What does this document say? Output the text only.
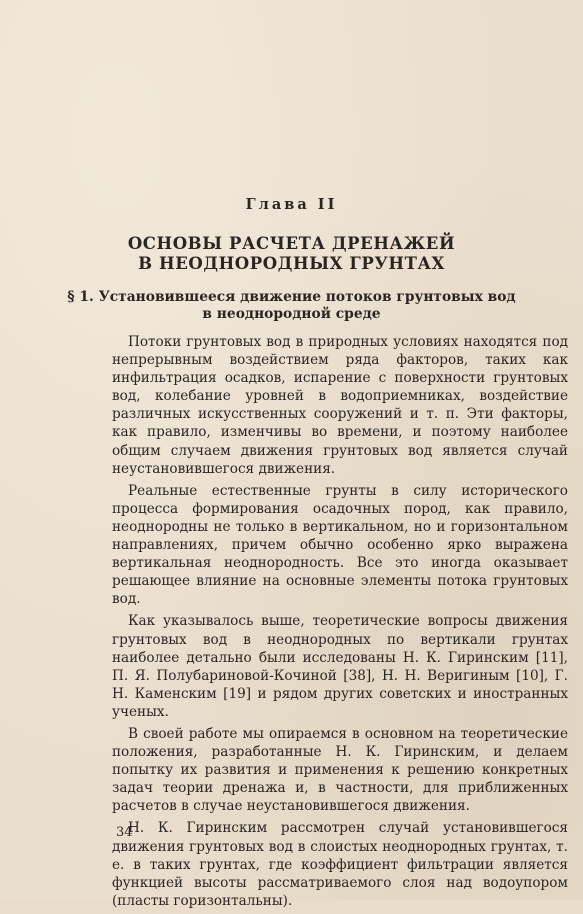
Глава II
ОСНОВЫ РАСЧЕТА ДРЕНАЖЕЙ
В НЕОДНОРОДНЫХ ГРУНТАХ
§ 1. Установившееся движение потоков грунтовых вод
в неоднородной среде

Потоки грунтовых вод в природных условиях находятся под непрерывным воздействием ряда факторов, таких как инфильтрация осадков, испарение с поверхности грунтовых вод, колебание уровней в водоприемниках, воздействие различных искусственных сооружений и т. п. Эти факторы, как правило, изменчивы во времени, и поэтому наиболее общим случаем движения грунтовых вод является случай неустановившегося движения.

Реальные естественные грунты в силу исторического процесса формирования осадочных пород, как правило, неоднородны не только в вертикальном, но и горизонтальном направлениях, причем обычно особенно ярко выражена вертикальная неоднородность. Все это иногда оказывает решающее влияние на основные элементы потока грунтовых вод.

Как указывалось выше, теоретические вопросы движения грунтовых вод в неоднородных по вертикали грунтах наиболее детально были исследованы Н. К. Гиринским [11], П. Я. Полубариновой-Кочиной [38], Н. Н. Веригиным [10], Г. Н. Каменским [19] и рядом других советских и иностранных ученых.

В своей работе мы опираемся в основном на теоретические положения, разработанные Н. К. Гиринским, и делаем попытку их развития и применения к решению конкретных задач теории дренажа и, в частности, для приближенных расчетов в случае неустановившегося движения.

Н. К. Гиринским рассмотрен случай установившегося движения грунтовых вод в слоистых неоднородных грунтах, т. е. в таких грунтах, где коэффициент фильтрации является функцией высоты рассматриваемого слоя над водоупором (пласты горизонтальны).

34
